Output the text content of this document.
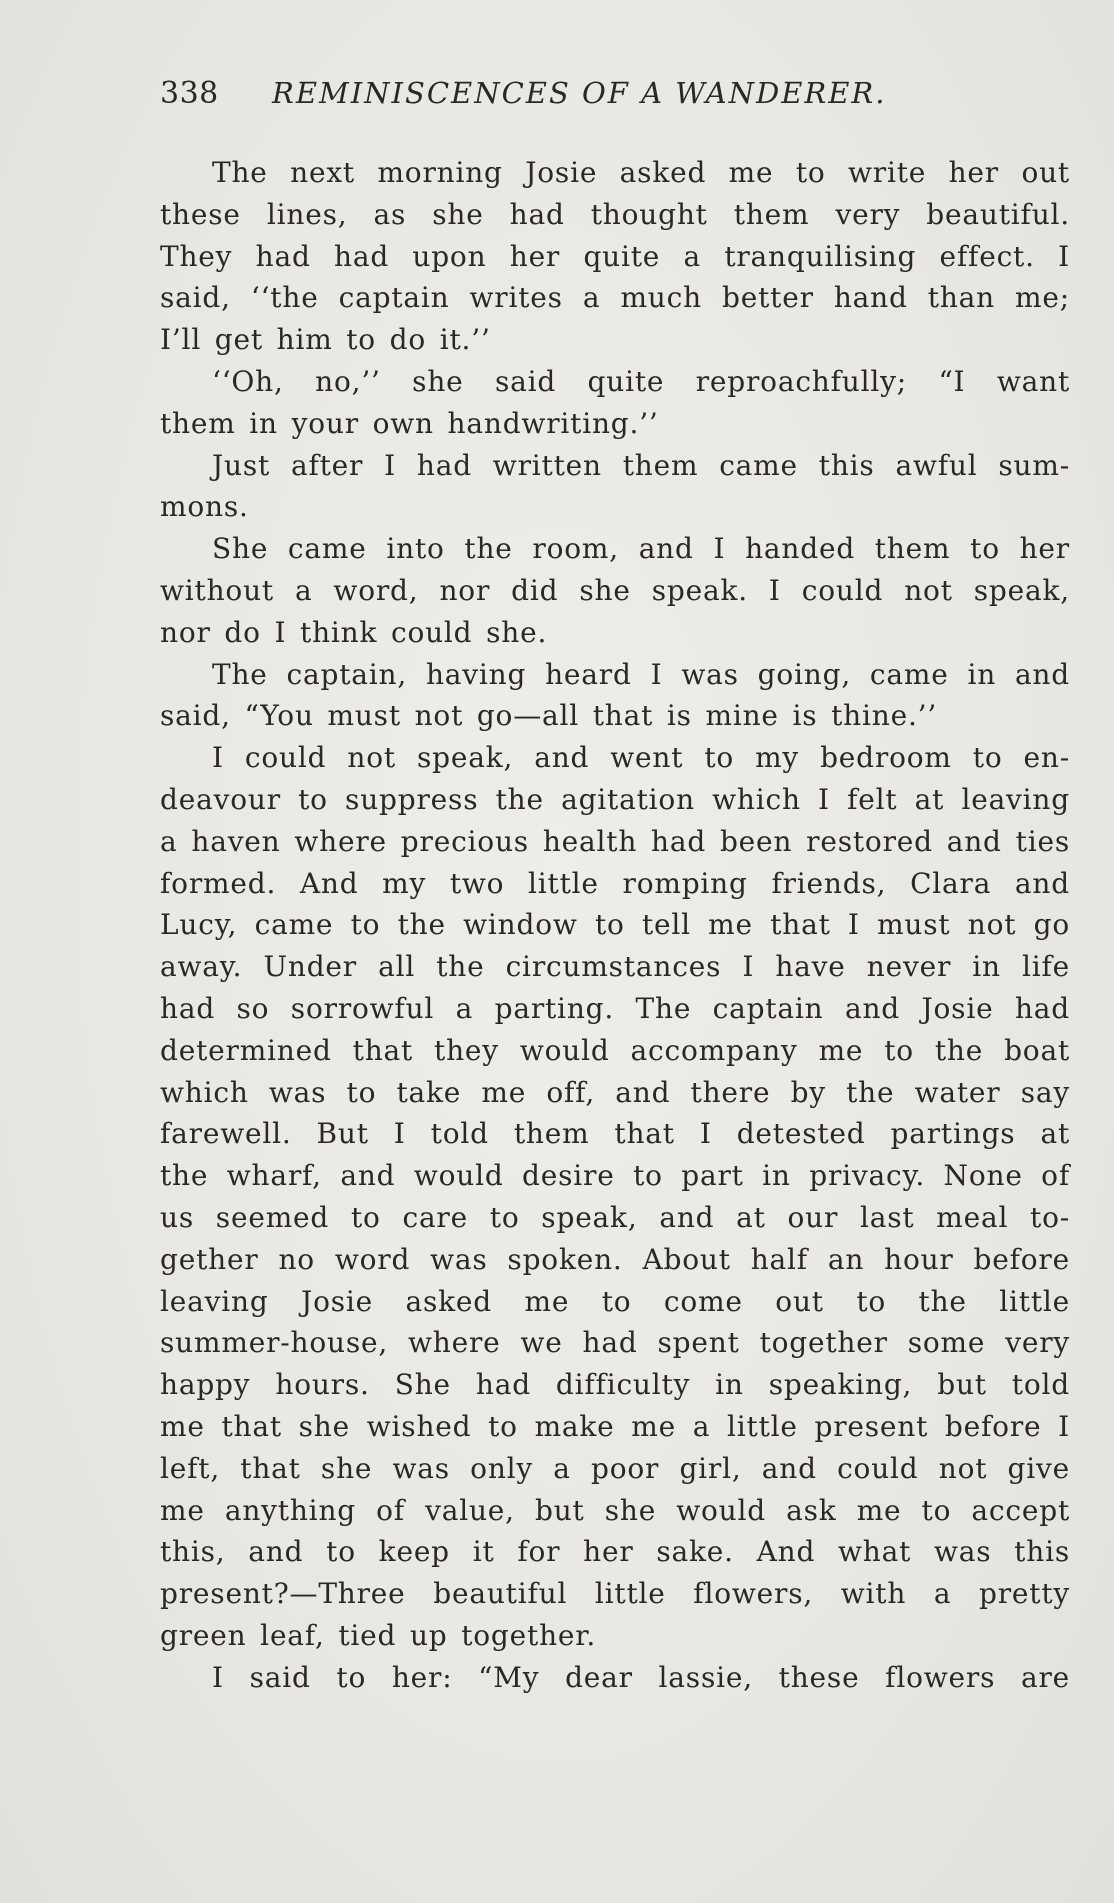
338	REMINISCENCES OF A WANDERER.
The next morning Josie asked me to write her out
these lines, as she had thought them very beautiful.
They had had upon her quite a tranquilising effect. I
said, ‘‘the captain writes a much better hand than me;
I’ll get him to do it.’’
‘‘Oh, no,’’ she said quite reproachfully; “I want
them in your own handwriting.’’
Just after I had written them came this awful sum-
mons.
She came into the room, and I handed them to her
without a word, nor did she speak. I could not speak,
nor do I think could she.
The captain, having heard I was going, came in and
said, “You must not go—all that is mine is thine.’’
I could not speak, and went to my bedroom to en-
deavour to suppress the agitation which I felt at leaving
a haven where precious health had been restored and ties
formed. And my two little romping friends, Clara and
Lucy, came to the window to tell me that I must not go
away. Under all the circumstances I have never in life
had so sorrowful a parting. The captain and Josie had
determined that they would accompany me to the boat
which was to take me off, and there by the water say
farewell. But I told them that I detested partings at
the wharf, and would desire to part in privacy. None of
us seemed to care to speak, and at our last meal to-
gether no word was spoken. About half an hour before
leaving Josie asked me to come out to the little
summer-house, where we had spent together some very
happy hours. She had difficulty in speaking, but told
me that she wished to make me a little present before I
left, that she was only a poor girl, and could not give
me anything of value, but she would ask me to accept
this, and to keep it for her sake. And what was this
present?—Three beautiful little flowers, with a pretty
green leaf, tied up together.
I said to her: “My dear lassie, these flowers are
